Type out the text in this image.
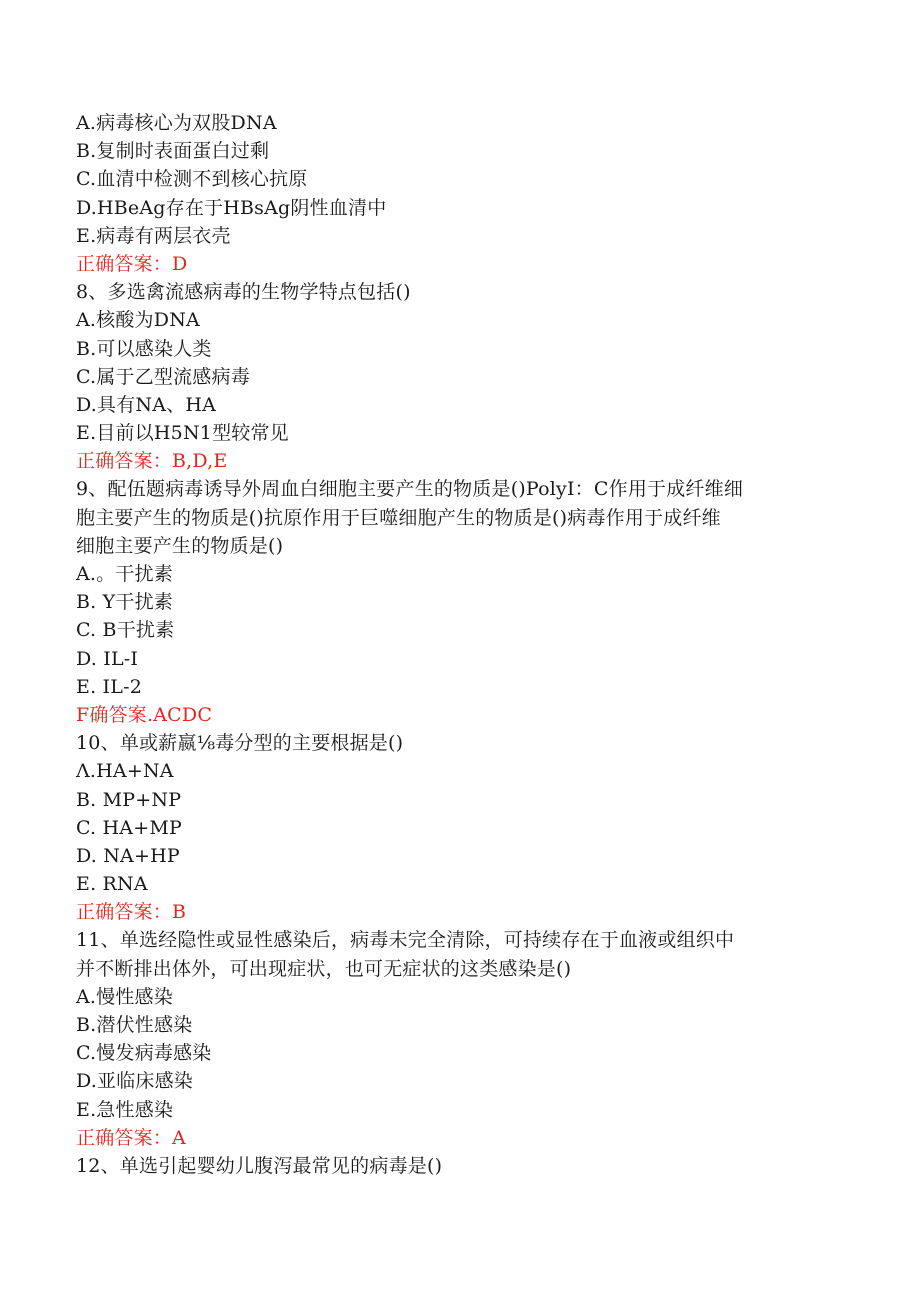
A.病毒核心为双股DNA
B.复制时表面蛋白过剩
C.血清中检测不到核心抗原
D.HBeAg存在于HBsAg阴性血清中
E.病毒有两层衣壳
正确答案：D
8、多选禽流感病毒的生物学特点包括()
A.核酸为DNA
B.可以感染人类
C.属于乙型流感病毒
D.具有NA、HA
E.目前以H5N1型较常见
正确答案：B,D,E
9、配伍题病毒诱导外周血白细胞主要产生的物质是()PolyI：C作用于成纤维细
胞主要产生的物质是()抗原作用于巨噬细胞产生的物质是()病毒作用于成纤维
细胞主要产生的物质是()
A.。干扰素
B. Y干扰素
C. B干扰素
D. IL-I
E. IL-2
F确答案.ACDC
10、单或薪嬴⅛毒分型的主要根据是()
Λ.HA+NA
B. MP+NP
C. HA+MP
D. NA+HP
E. RNA
正确答案：B
11、单选经隐性或显性感染后，病毒未完全清除，可持续存在于血液或组织中
并不断排出体外，可出现症状，也可无症状的这类感染是()
A.慢性感染
B.潜伏性感染
C.慢发病毒感染
D.亚临床感染
E.急性感染
正确答案：A
12、单选引起婴幼儿腹泻最常见的病毒是()
